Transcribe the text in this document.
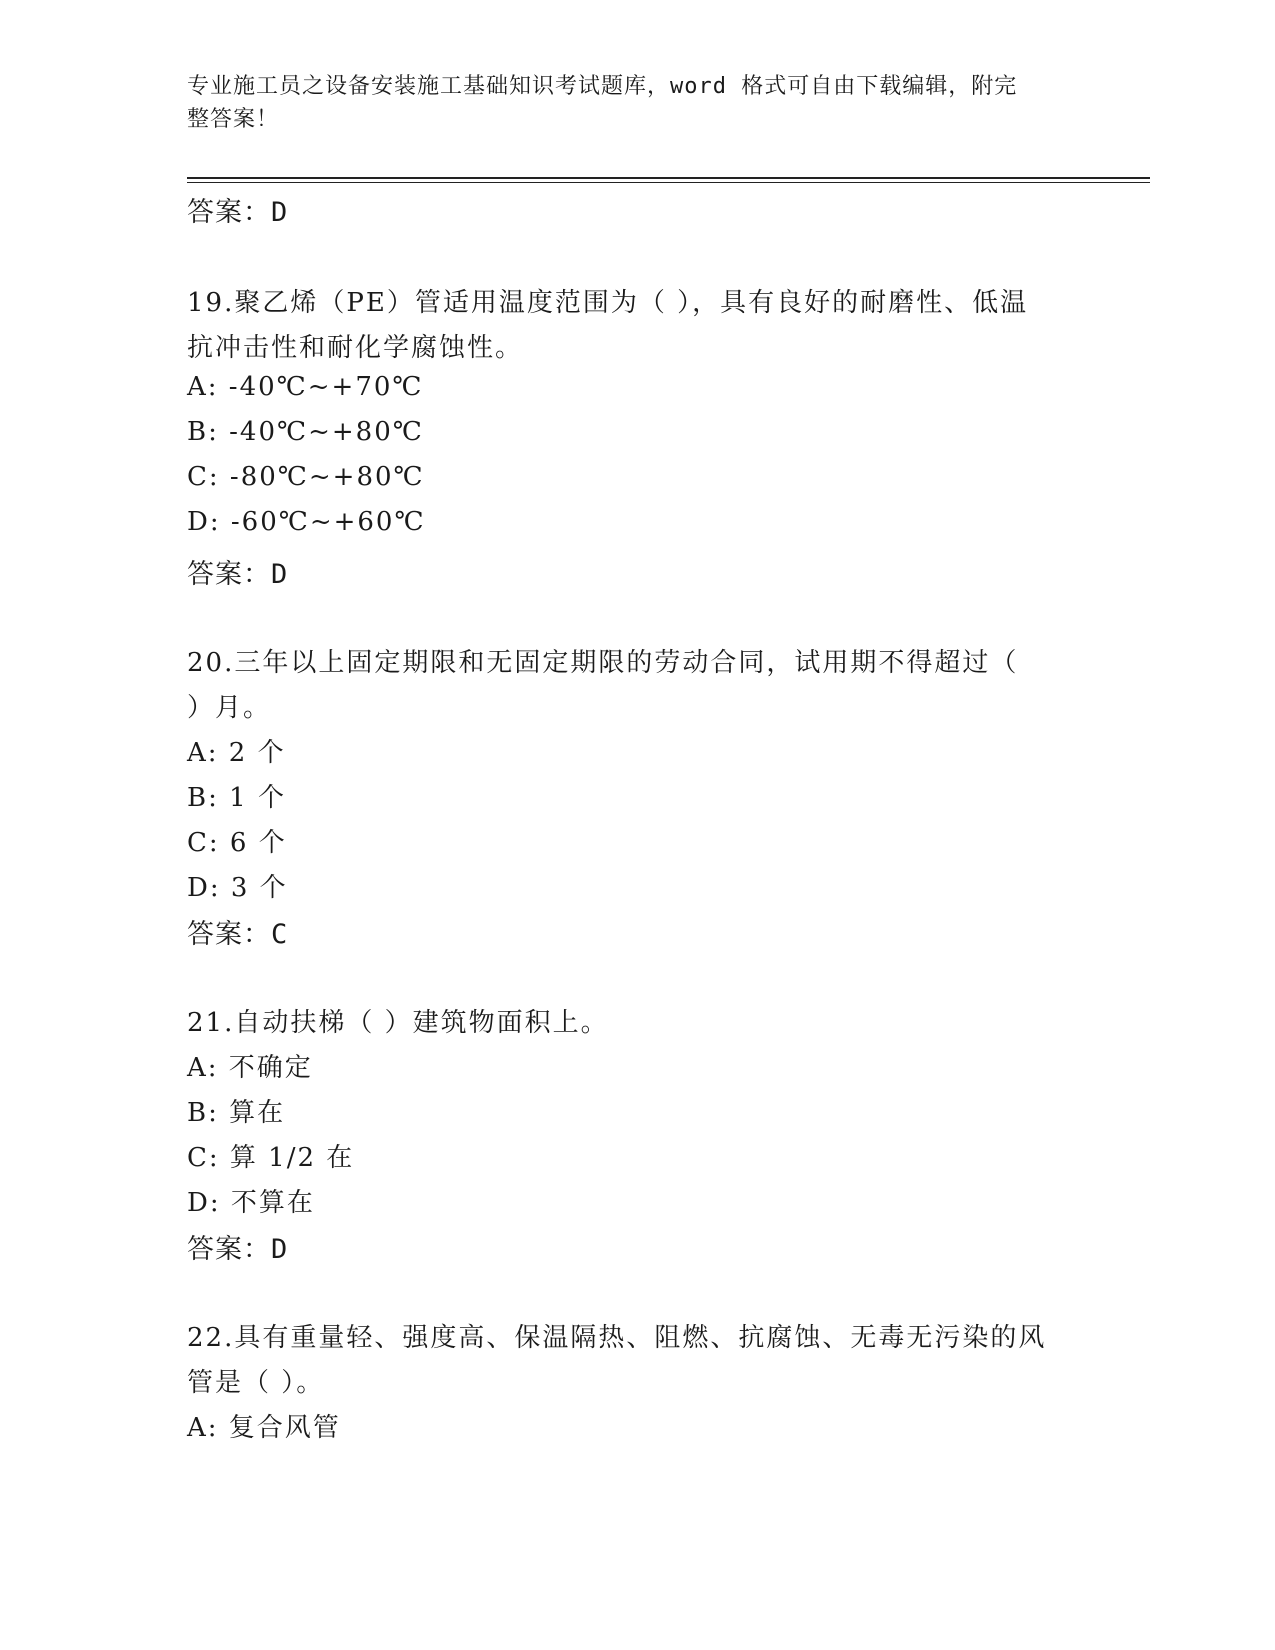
专业施工员之设备安装施工基础知识考试题库，word 格式可自由下载编辑，附完
整答案！
答案：D
19.聚乙烯（PE）管适用温度范围为（ ），具有良好的耐磨性、低温
抗冲击性和耐化学腐蚀性。
A: -40℃~+70℃
B: -40℃~+80℃
C: -80℃~+80℃
D: -60℃~+60℃
答案：D
20.三年以上固定期限和无固定期限的劳动合同，试用期不得超过（
）月。
A: 2 个
B: 1 个
C: 6 个
D: 3 个
答案：C
21.自动扶梯（ ）建筑物面积上。
A: 不确定
B: 算在
C: 算 1/2 在
D: 不算在
答案：D
22.具有重量轻、强度高、保温隔热、阻燃、抗腐蚀、无毒无污染的风
管是（ ）。
A: 复合风管
